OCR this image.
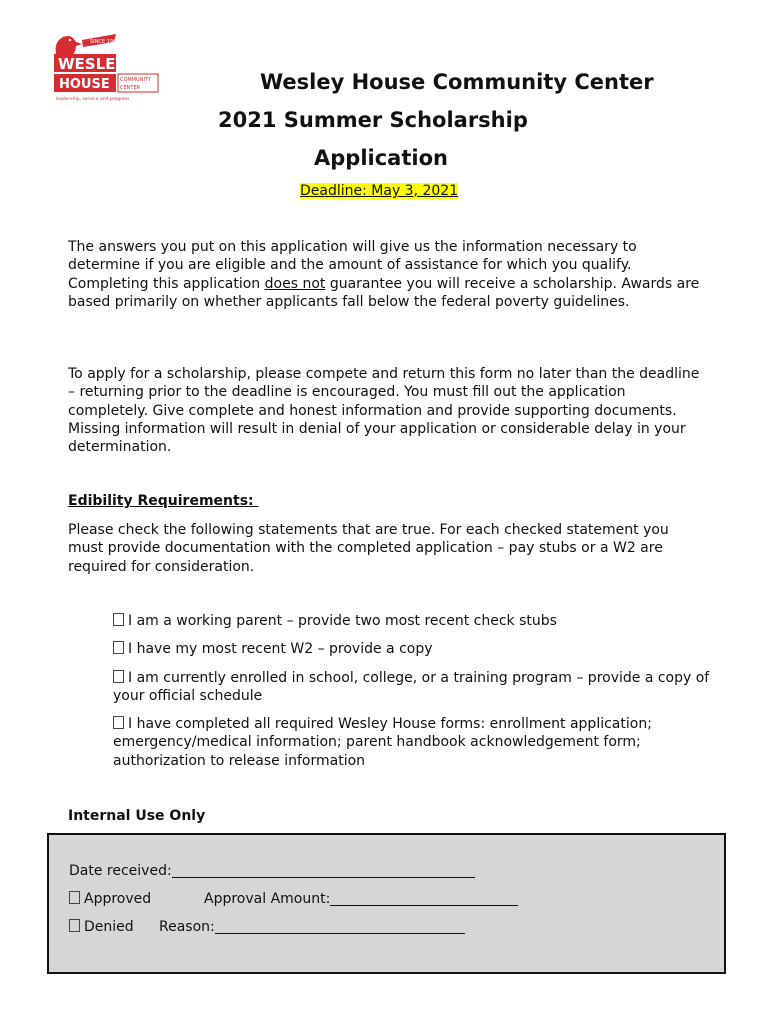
SINCE 1907
WESLEY
HOUSE COMMUNITY
CENTER
leadership, service and progress
Wesley House Community Center
2021 Summer Scholarship
Application
Deadline: May 3, 2021
The answers you put on this application will give us the information necessary to determine if you are eligible and the amount of assistance for which you qualify. Completing this application does not guarantee you will receive a scholarship. Awards are based primarily on whether applicants fall below the federal poverty guidelines.
To apply for a scholarship, please compete and return this form no later than the deadline – returning prior to the deadline is encouraged. You must fill out the application completely. Give complete and honest information and provide supporting documents. Missing information will result in denial of your application or considerable delay in your determination.
Edibility Requirements:
Please check the following statements that are true. For each checked statement you must provide documentation with the completed application – pay stubs or a W2 are required for consideration.
I am a working parent – provide two most recent check stubs
I have my most recent W2 – provide a copy
I am currently enrolled in school, college, or a training program – provide a copy of your official schedule
I have completed all required Wesley House forms: enrollment application; emergency/medical information; parent handbook acknowledgement form; authorization to release information
Internal Use Only
Date received:
Approved	Approval Amount:
Denied Reason:
